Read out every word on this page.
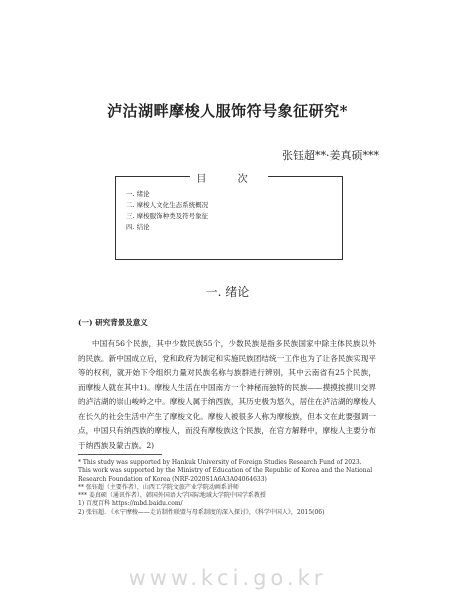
泸沽湖畔摩梭人服饰符号象征研究*
张钰超**·姜真硕***
目 次
一. 绪论
二. 摩梭人文化生态系统概况
三. 摩梭服饰种类及符号象征
四. 结论
一. 绪论
(一) 研究背景及意义

中国有56个民族，其中少数民族55个，少数民族是指多民族国家中除主体民族以外的民族。新中国成立后，党和政府为制定和实施民族团结统一工作也为了让各民族实现平等的权利，就开始下令组织力量对民族名称与族群进行辨别，其中云南省有25个民族，而摩梭人就在其中1)。摩梭人生活在中国南方一个神秘而独特的民族——摸摸挨摸川交界的泸沽湖的崇山峻岭之中。摩梭人属于纳西族，其历史极为悠久，居住在泸沽湖的摩梭人在长久的社会生活中产生了摩梭文化。摩梭人被很多人称为摩梭族，但本文在此要强调一点，中国只有纳西族的摩梭人，而没有摩梭族这个民族，在官方解释中，摩梭人主要分布于纳西族及蒙古族。2)

* This study was supported by Hankuk University of Foreign Studies Research Fund of 2023. This work was supported by the Ministry of Education of the Republic of Korea and the National Research Foundation of Korea (NRF-2020S1A6A3A04064633)
** 张钰超（主要作者），山西工学院文旅产业学院动画系讲师
*** 姜真硕（通讯作者），韩国外国语大学国际地域大学院中国学系教授
1) 百度百科 https://mbd.baidu.com/
2) 张钰超. 《永宁摩梭——走访制性联盟与母系制度的深入探讨》，《科学中国人》，2015(06)
www.kci.go.kr
